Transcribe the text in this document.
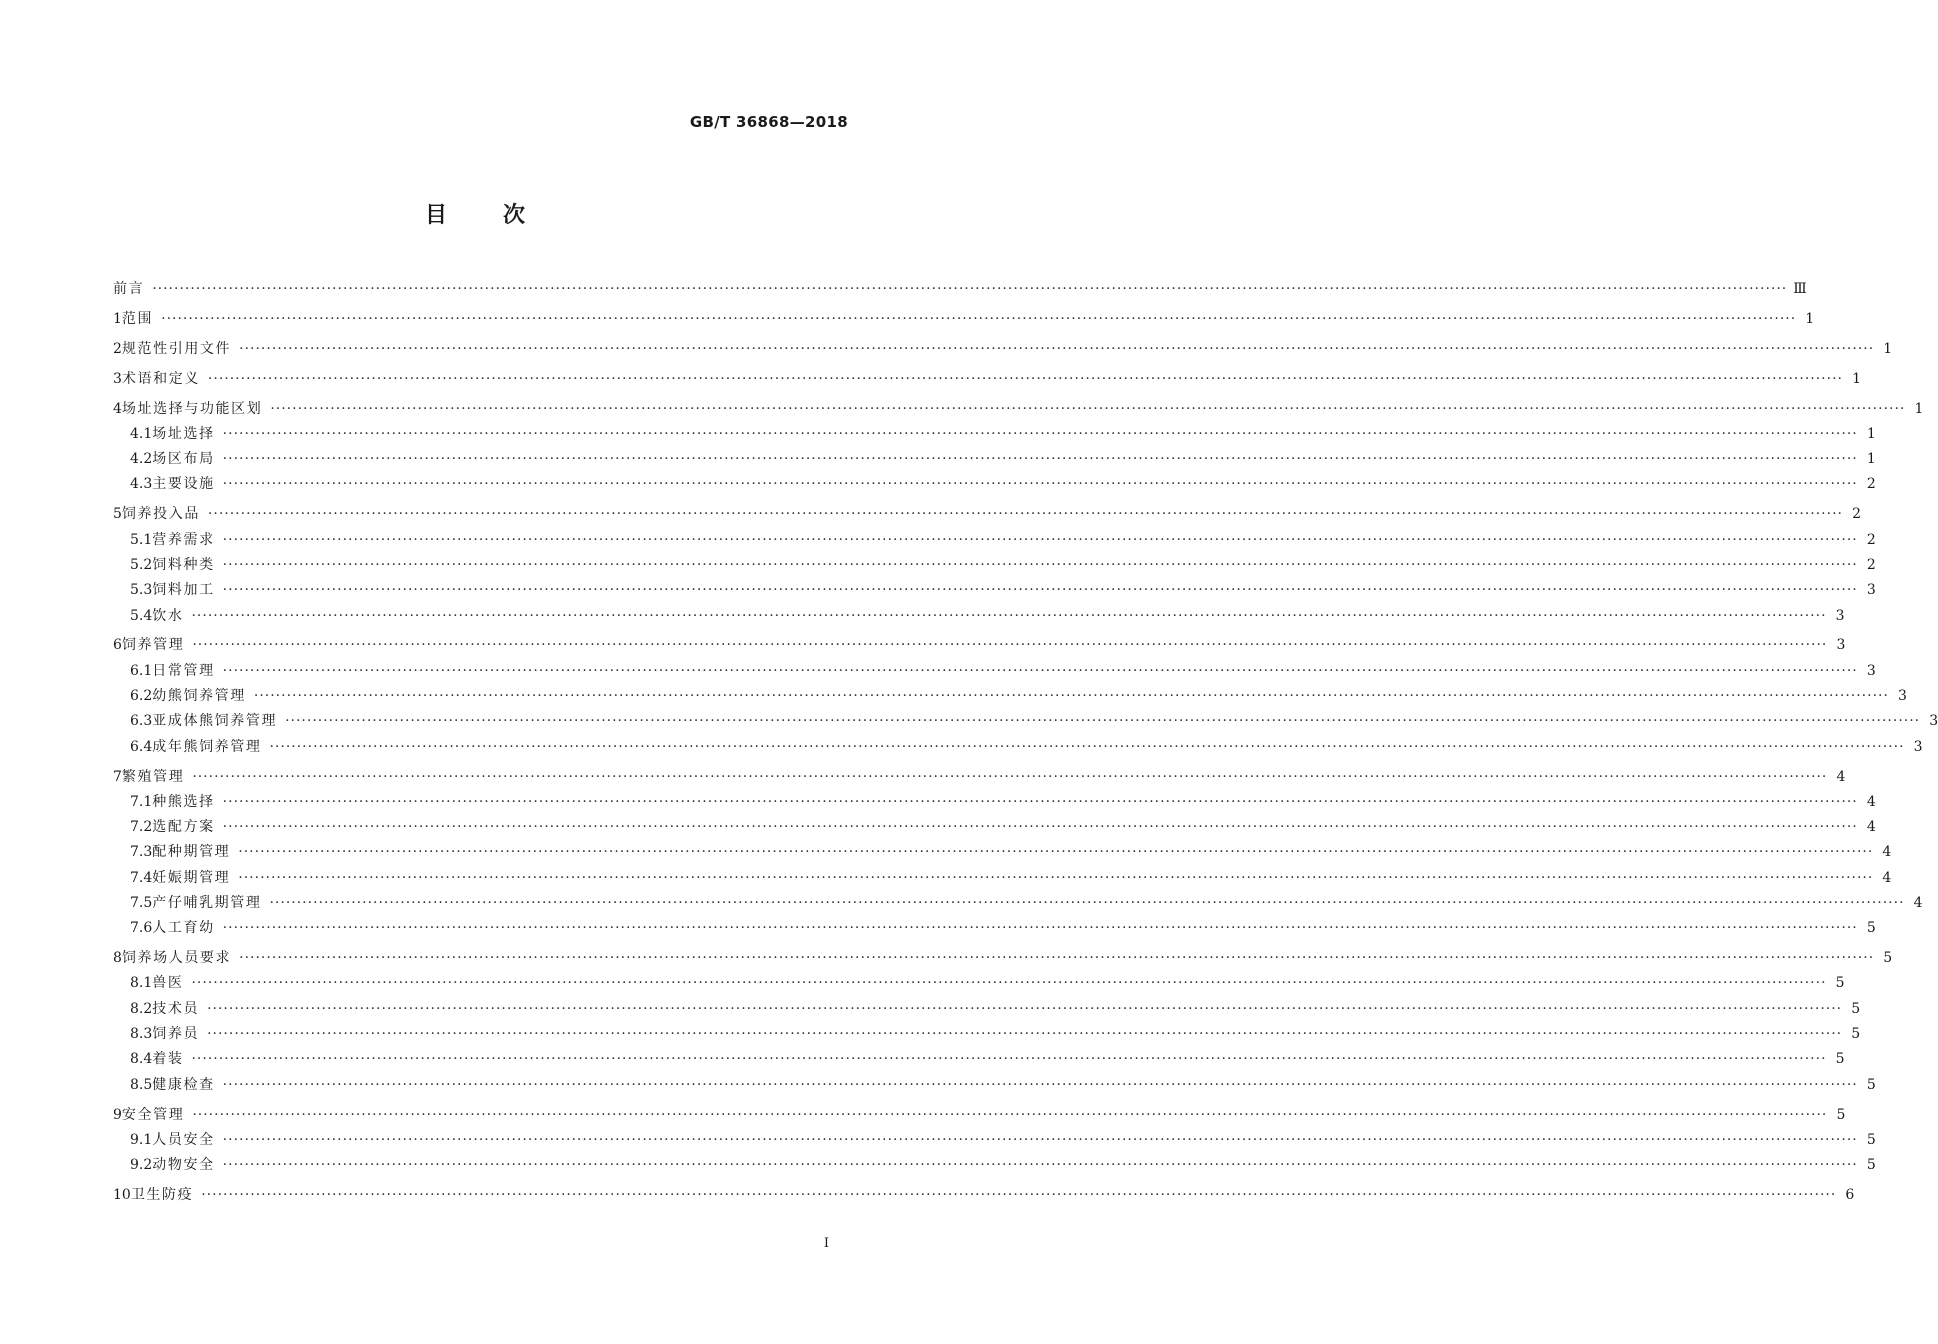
GB/T 36868—2018
目次
前言 ············································································································································································································································································································ Ⅲ
1 范围 ············································································································································································································································································································ 1
2 规范性引用文件 ············································································································································································································································································································ 1
3 术语和定义 ············································································································································································································································································································ 1
4 场址选择与功能区划 ············································································································································································································································································································ 1
4.1 场址选择 ············································································································································································································································································································ 1
4.2 场区布局 ············································································································································································································································································································ 1
4.3 主要设施 ············································································································································································································································································································ 2
5 饲养投入品 ············································································································································································································································································································ 2
5.1 营养需求 ············································································································································································································································································································ 2
5.2 饲料种类 ············································································································································································································································································································ 2
5.3 饲料加工 ············································································································································································································································································································ 3
5.4 饮水 ············································································································································································································································································································ 3
6 饲养管理 ············································································································································································································································································································ 3
6.1 日常管理 ············································································································································································································································································································ 3
6.2 幼熊饲养管理 ············································································································································································································································································································ 3
6.3 亚成体熊饲养管理 ············································································································································································································································································································ 3
6.4 成年熊饲养管理 ············································································································································································································································································································ 3
7 繁殖管理 ············································································································································································································································································································ 4
7.1 种熊选择 ············································································································································································································································································································ 4
7.2 选配方案 ············································································································································································································································································································ 4
7.3 配种期管理 ············································································································································································································································································································ 4
7.4 妊娠期管理 ············································································································································································································································································································ 4
7.5 产仔哺乳期管理 ············································································································································································································································································································ 4
7.6 人工育幼 ············································································································································································································································································································ 5
8 饲养场人员要求 ············································································································································································································································································································ 5
8.1 兽医 ············································································································································································································································································································ 5
8.2 技术员 ············································································································································································································································································································ 5
8.3 饲养员 ············································································································································································································································································································ 5
8.4 着装 ············································································································································································································································································································ 5
8.5 健康检查 ············································································································································································································································································································ 5
9 安全管理 ············································································································································································································································································································ 5
9.1 人员安全 ············································································································································································································································································································ 5
9.2 动物安全 ············································································································································································································································································································ 5
10 卫生防疫 ············································································································································································································································································································ 6
I
